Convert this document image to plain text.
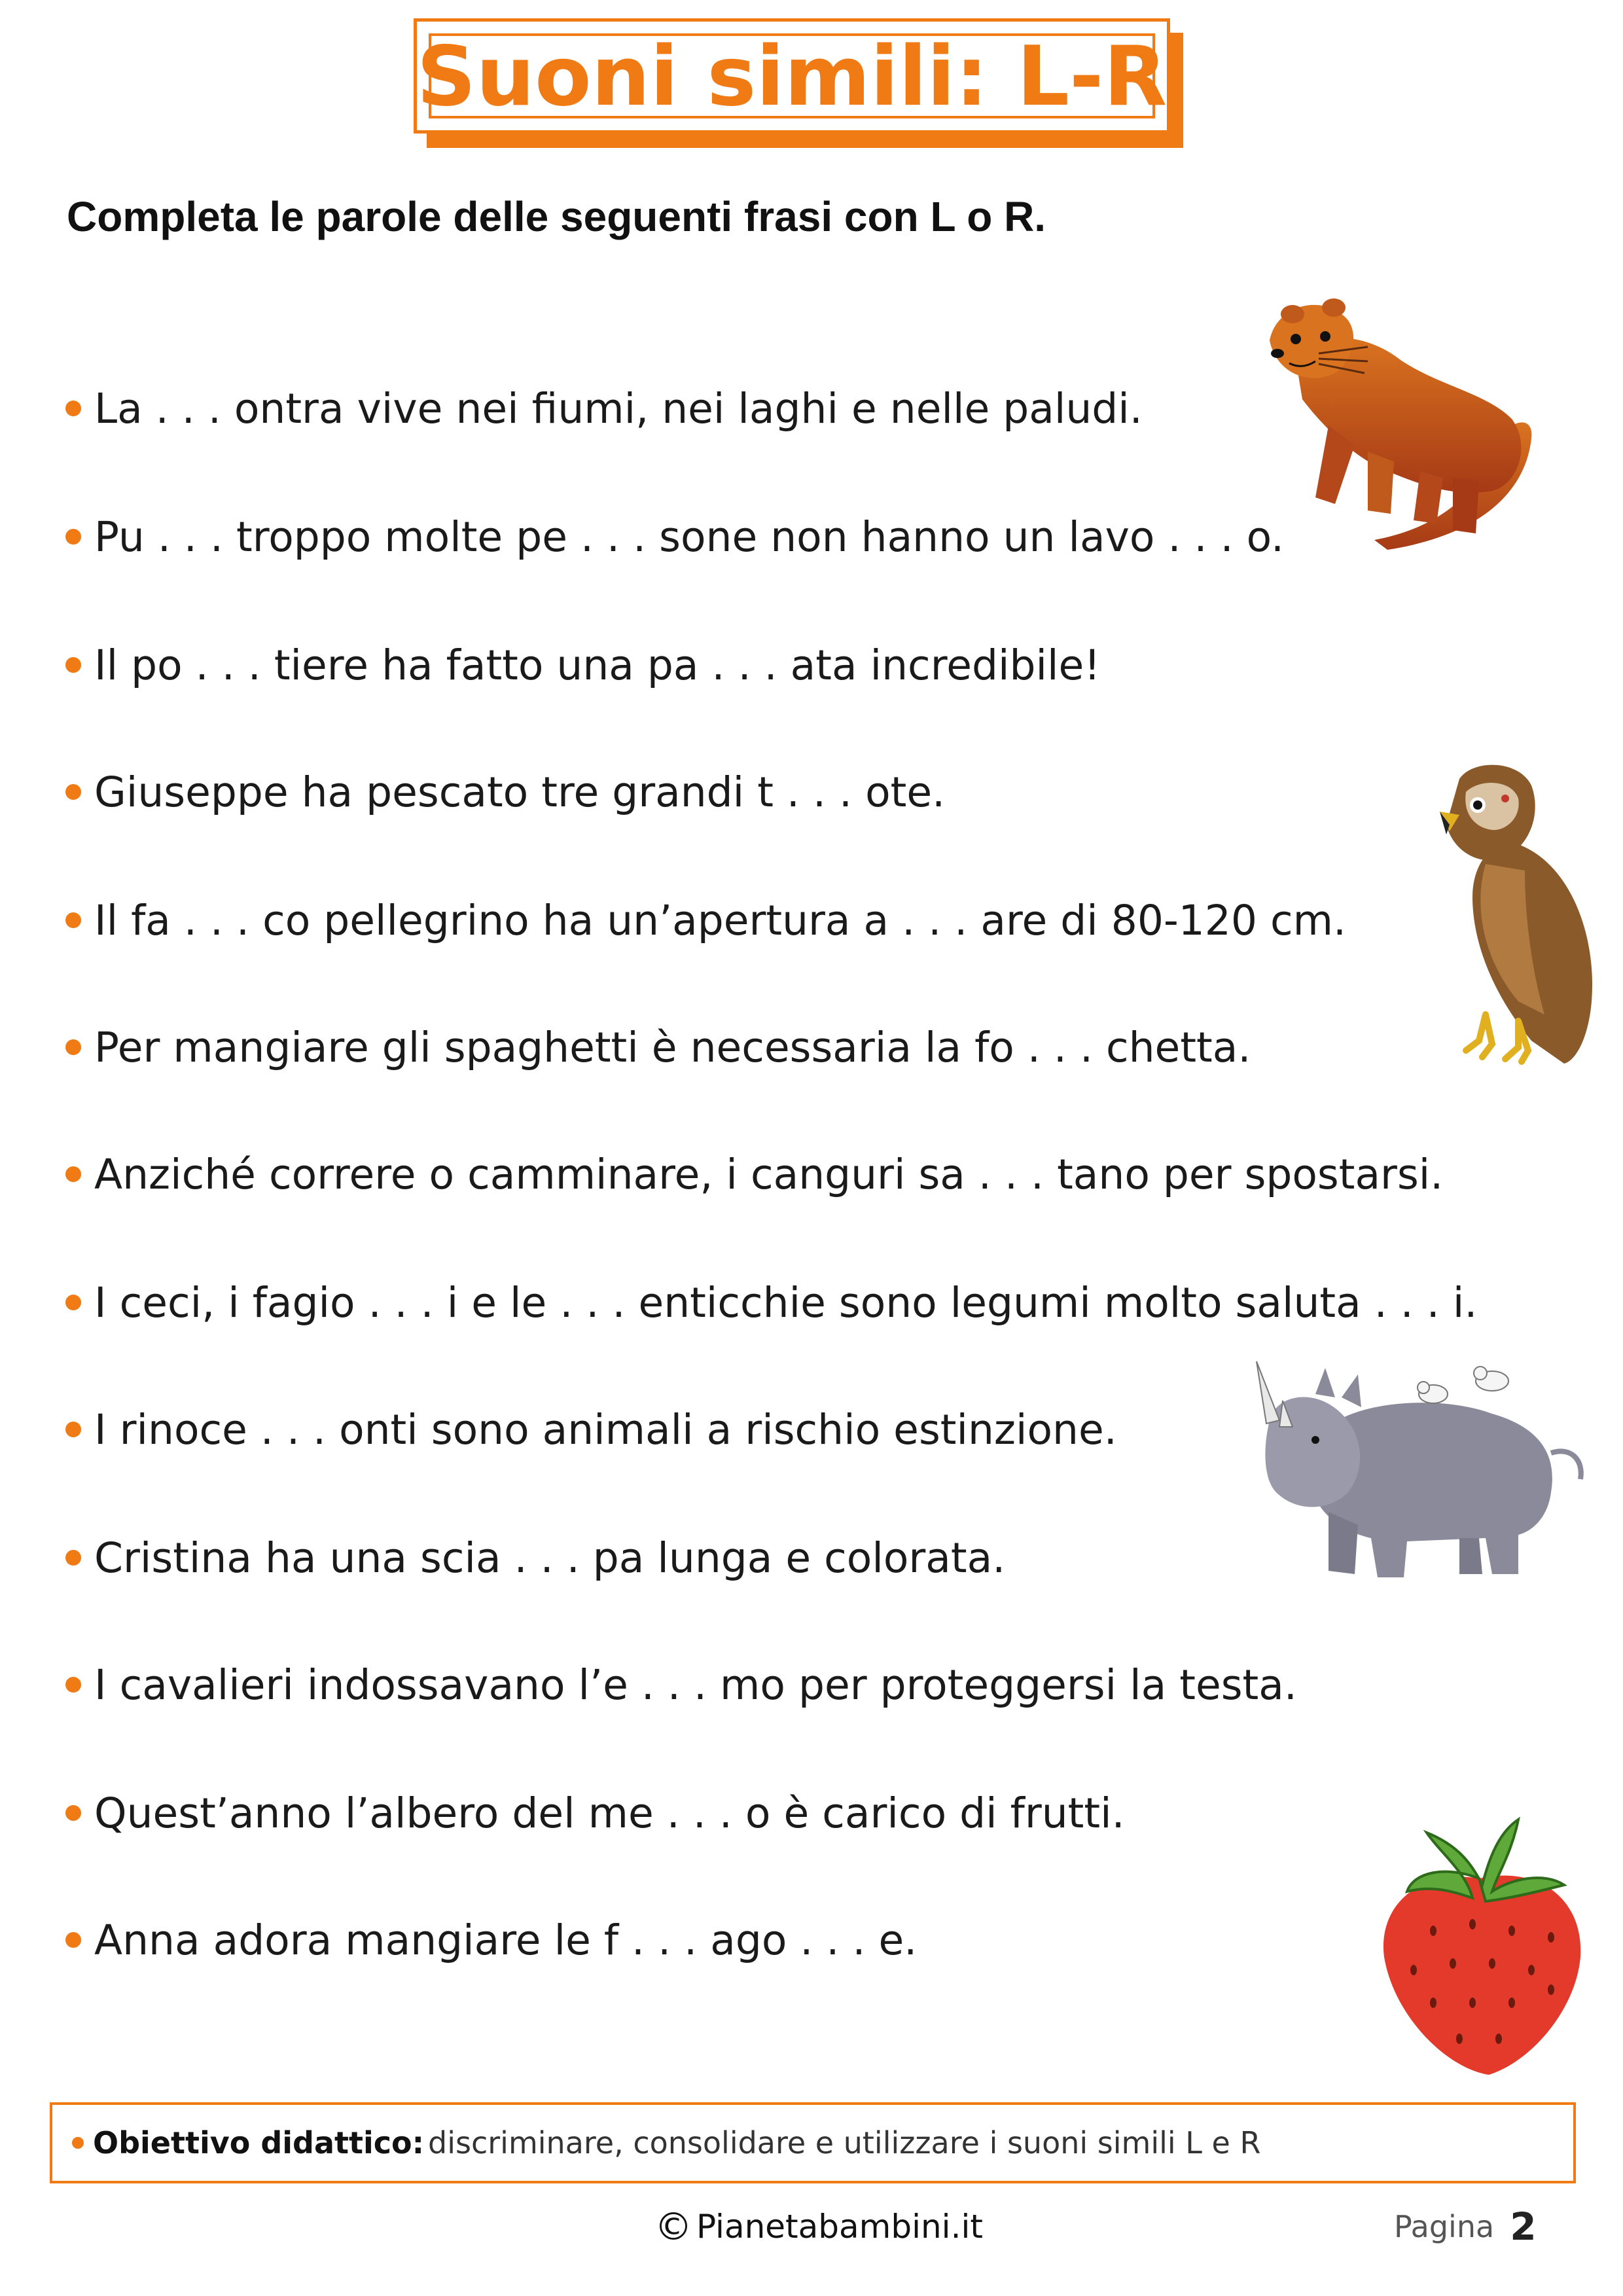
Suoni simili: L-R
Completa le parole delle seguenti frasi con L o R.
La . . . ontra vive nei fiumi, nei laghi e nelle paludi.
Pu . . . troppo molte pe . . . sone non hanno un lavo . . . o.
Il po . . . tiere ha fatto una pa . . . ata incredibile!
Giuseppe ha pescato tre grandi t . . . ote.
Il fa . . . co pellegrino ha un’apertura a . . . are di 80-120 cm.
Per mangiare gli spaghetti è necessaria la fo . . . chetta.
Anziché correre o camminare, i canguri sa . . . tano per spostarsi.
I ceci, i fagio . . . i e le . . . enticchie sono legumi molto saluta . . . i.
I rinoce . . . onti sono animali a rischio estinzione.
Cristina ha una scia . . . pa lunga e colorata.
I cavalieri indossavano l’e . . . mo per proteggersi la testa.
Quest’anno l’albero del me . . . o è carico di frutti.
Anna adora mangiare le f . . . ago . . . e.
Obiettivo didattico: discriminare, consolidare e utilizzare i suoni simili L e R
© Pianetabambini.it	Pagina 2
